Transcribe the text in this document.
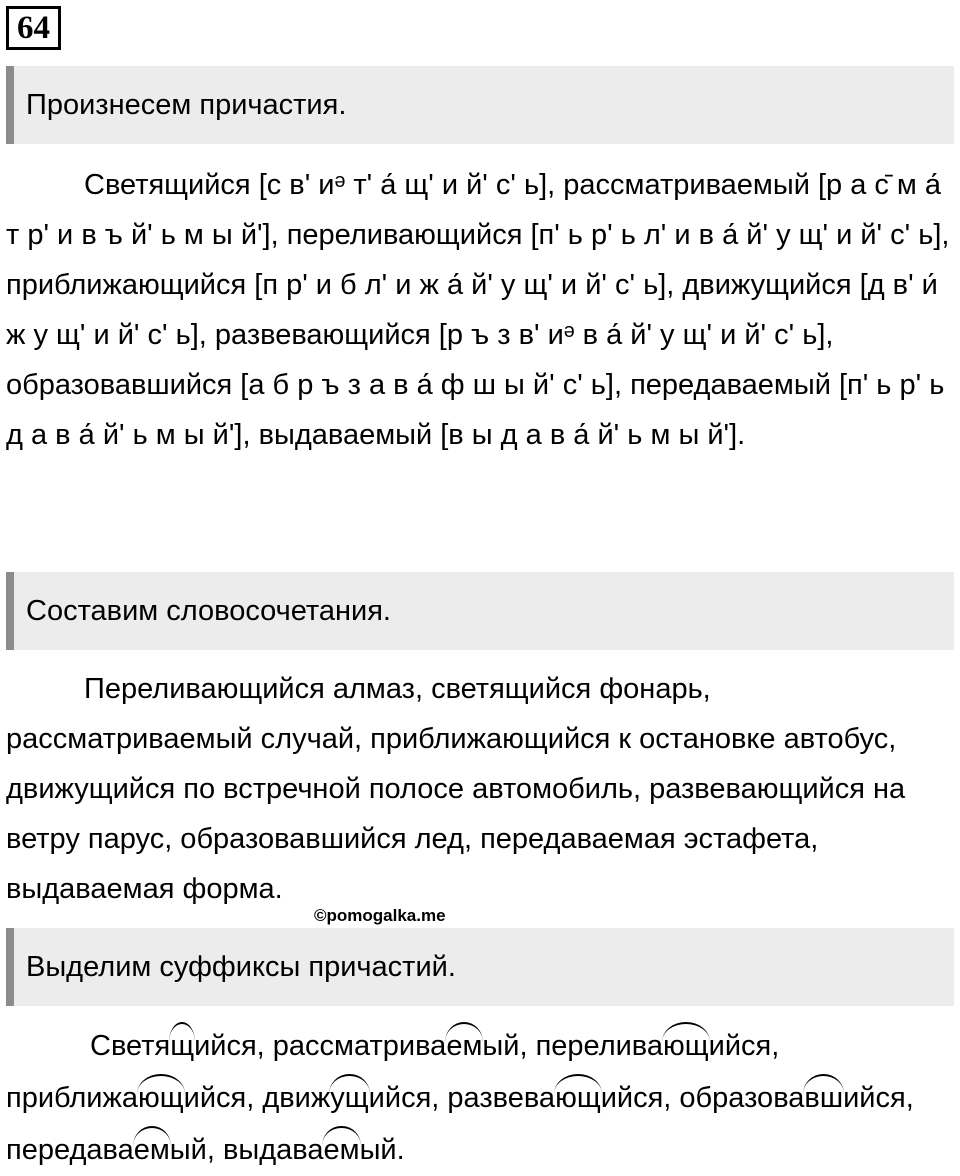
64
Произнесем причастия.

Светящийся [с в' иᵊ т' а́ щ' и й' с' ь], рассматриваемый [р а с̄ м а́ т р' и в ъ й' ь м ы й'], переливающийся [п' ь р' ь л' и в а́ й' у щ' и й' с' ь], приближающийся [п р' и б л' и ж а́ й' у щ' и й' с' ь], движущийся [д в' и́ ж у щ' и й' с' ь], развевающийся [р ъ з в' иᵊ в а́ й' у щ' и й' с' ь], образовавшийся [а б р ъ з а в а́ ф ш ы й' с' ь], передаваемый [п' ь р' ь д а в а́ й' ь м ы й'], выдаваемый [в ы д а в а́ й' ь м ы й'].

Составим словосочетания.

Переливающийся алмаз, светящийся фонарь, рассматриваемый случай, приближающийся к остановке автобус, движущийся по встречной полосе автомобиль, развевающийся на ветру парус, образовавшийся лед, передаваемая эстафета, выдаваемая форма.

©pomogalka.me
Выделим суффиксы причастий.

Светящийся, рассматриваемый, переливающийся, приближающийся, движущийся, развевающийся, образовавшийся, передаваемый, выдаваемый.
